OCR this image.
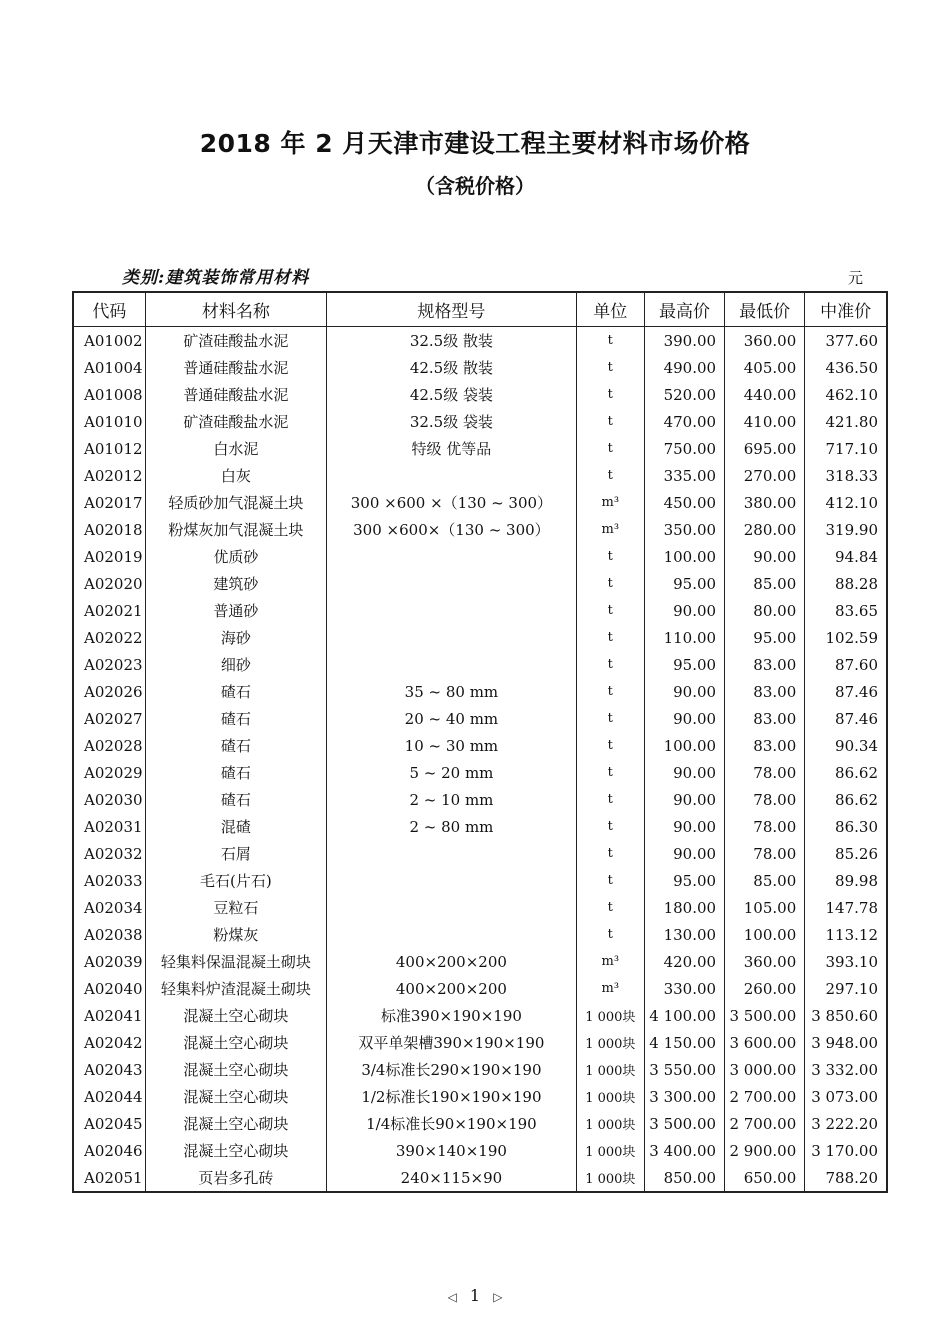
2018 年 2 月天津市建设工程主要材料市场价格
（含税价格）
类别:建筑装饰常用材料	元
代码	材料名称	规格型号	单位	最高价	最低价	中准价
A01002	矿渣硅酸盐水泥	32.5级 散装	t	390.00	360.00	377.60
A01004	普通硅酸盐水泥	42.5级 散装	t	490.00	405.00	436.50
A01008	普通硅酸盐水泥	42.5级 袋装	t	520.00	440.00	462.10
A01010	矿渣硅酸盐水泥	32.5级 袋装	t	470.00	410.00	421.80
A01012	白水泥	特级 优等品	t	750.00	695.00	717.10
A02012	白灰		t	335.00	270.00	318.33
A02017	轻质砂加气混凝土块	300 ×600 ×（130 ~ 300）	m³	450.00	380.00	412.10
A02018	粉煤灰加气混凝土块	300 ×600×（130 ~ 300）	m³	350.00	280.00	319.90
A02019	优质砂		t	100.00	90.00	94.84
A02020	建筑砂		t	95.00	85.00	88.28
A02021	普通砂		t	90.00	80.00	83.65
A02022	海砂		t	110.00	95.00	102.59
A02023	细砂		t	95.00	83.00	87.60
A02026	碴石	35 ~ 80 mm	t	90.00	83.00	87.46
A02027	碴石	20 ~ 40 mm	t	90.00	83.00	87.46
A02028	碴石	10 ~ 30 mm	t	100.00	83.00	90.34
A02029	碴石	5 ~ 20 mm	t	90.00	78.00	86.62
A02030	碴石	2 ~ 10 mm	t	90.00	78.00	86.62
A02031	混碴	2 ~ 80 mm	t	90.00	78.00	86.30
A02032	石屑		t	90.00	78.00	85.26
A02033	毛石(片石)		t	95.00	85.00	89.98
A02034	豆粒石		t	180.00	105.00	147.78
A02038	粉煤灰		t	130.00	100.00	113.12
A02039	轻集料保温混凝土砌块	400×200×200	m³	420.00	360.00	393.10
A02040	轻集料炉渣混凝土砌块	400×200×200	m³	330.00	260.00	297.10
A02041	混凝土空心砌块	标准390×190×190	1 000块	4 100.00	3 500.00	3 850.60
A02042	混凝土空心砌块	双平单架槽390×190×190	1 000块	4 150.00	3 600.00	3 948.00
A02043	混凝土空心砌块	3/4标准长290×190×190	1 000块	3 550.00	3 000.00	3 332.00
A02044	混凝土空心砌块	1/2标准长190×190×190	1 000块	3 300.00	2 700.00	3 073.00
A02045	混凝土空心砌块	1/4标准长90×190×190	1 000块	3 500.00	2 700.00	3 222.20
A02046	混凝土空心砌块	390×140×190	1 000块	3 400.00	2 900.00	3 170.00
A02051	页岩多孔砖	240×115×90	1 000块	850.00	650.00	788.20
◁ 1 ▷
